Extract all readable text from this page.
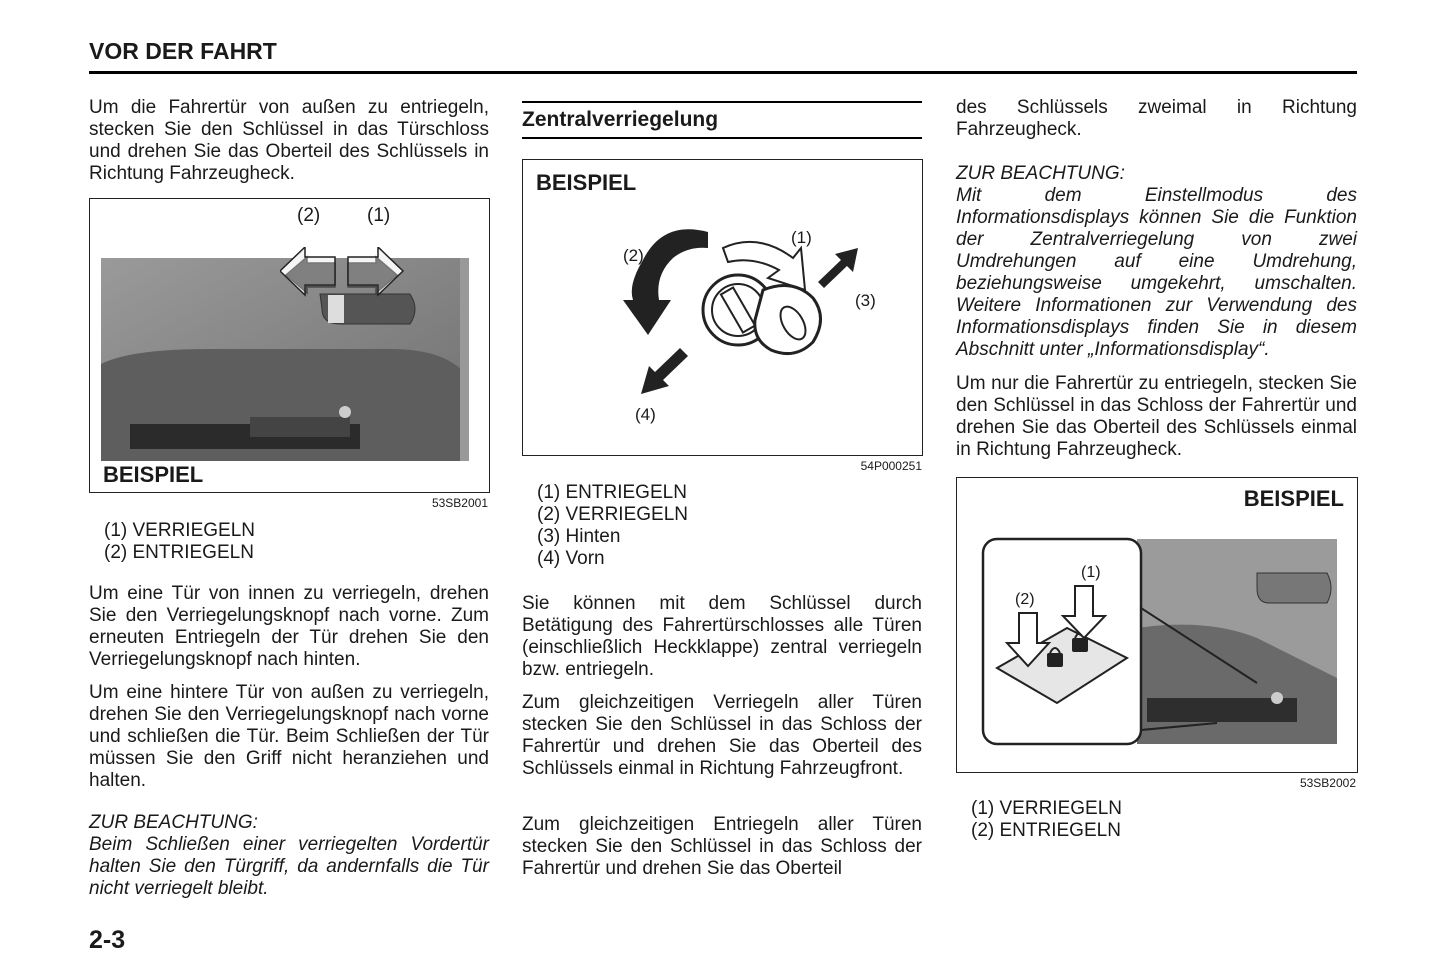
VOR DER FAHRT

Um die Fahrertür von außen zu entriegeln, stecken Sie den Schlüssel in das Türschloss und drehen Sie das Oberteil des Schlüssels in Richtung Fahrzeugheck.

(2) (1)
BEISPIEL
53SB2001
(1) VERRIEGELN
(2) ENTRIEGELN

Um eine Tür von innen zu verriegeln, drehen Sie den Verriegelungsknopf nach vorne. Zum erneuten Entriegeln der Tür drehen Sie den Verriegelungsknopf nach hinten.

Um eine hintere Tür von außen zu verriegeln, drehen Sie den Verriegelungsknopf nach vorne und schließen die Tür. Beim Schließen der Tür müssen Sie den Griff nicht heranziehen und halten.

ZUR BEACHTUNG:
Beim Schließen einer verriegelten Vordertür halten Sie den Türgriff, da andernfalls die Tür nicht verriegelt bleibt.
2-3
Zentralverriegelung
BEISPIEL
(1)
(2)
(3)
(4)
54P000251
(1) ENTRIEGELN
(2) VERRIEGELN
(3) Hinten
(4) Vorn

Sie können mit dem Schlüssel durch Betätigung des Fahrertürschlosses alle Türen (einschließlich Heckklappe) zentral verriegeln bzw. entriegeln.

Zum gleichzeitigen Verriegeln aller Türen stecken Sie den Schlüssel in das Schloss der Fahrertür und drehen Sie das Oberteil des Schlüssels einmal in Richtung Fahrzeugfront.

Zum gleichzeitigen Entriegeln aller Türen stecken Sie den Schlüssel in das Schloss der Fahrertür und drehen Sie das Oberteil

des Schlüssels zweimal in Richtung Fahrzeugheck.

ZUR BEACHTUNG:
Mit dem Einstellmodus des Informationsdisplays können Sie die Funktion der Zentralverriegelung von zwei Umdrehungen auf eine Umdrehung, beziehungsweise umgekehrt, umschalten. Weitere Informationen zur Verwendung des Informationsdisplays finden Sie in diesem Abschnitt unter „Informationsdisplay“.

Um nur die Fahrertür zu entriegeln, stecken Sie den Schlüssel in das Schloss der Fahrertür und drehen Sie das Oberteil des Schlüssels einmal in Richtung Fahrzeugheck.

BEISPIEL
(1)
(2)
53SB2002
(1) VERRIEGELN
(2) ENTRIEGELN
